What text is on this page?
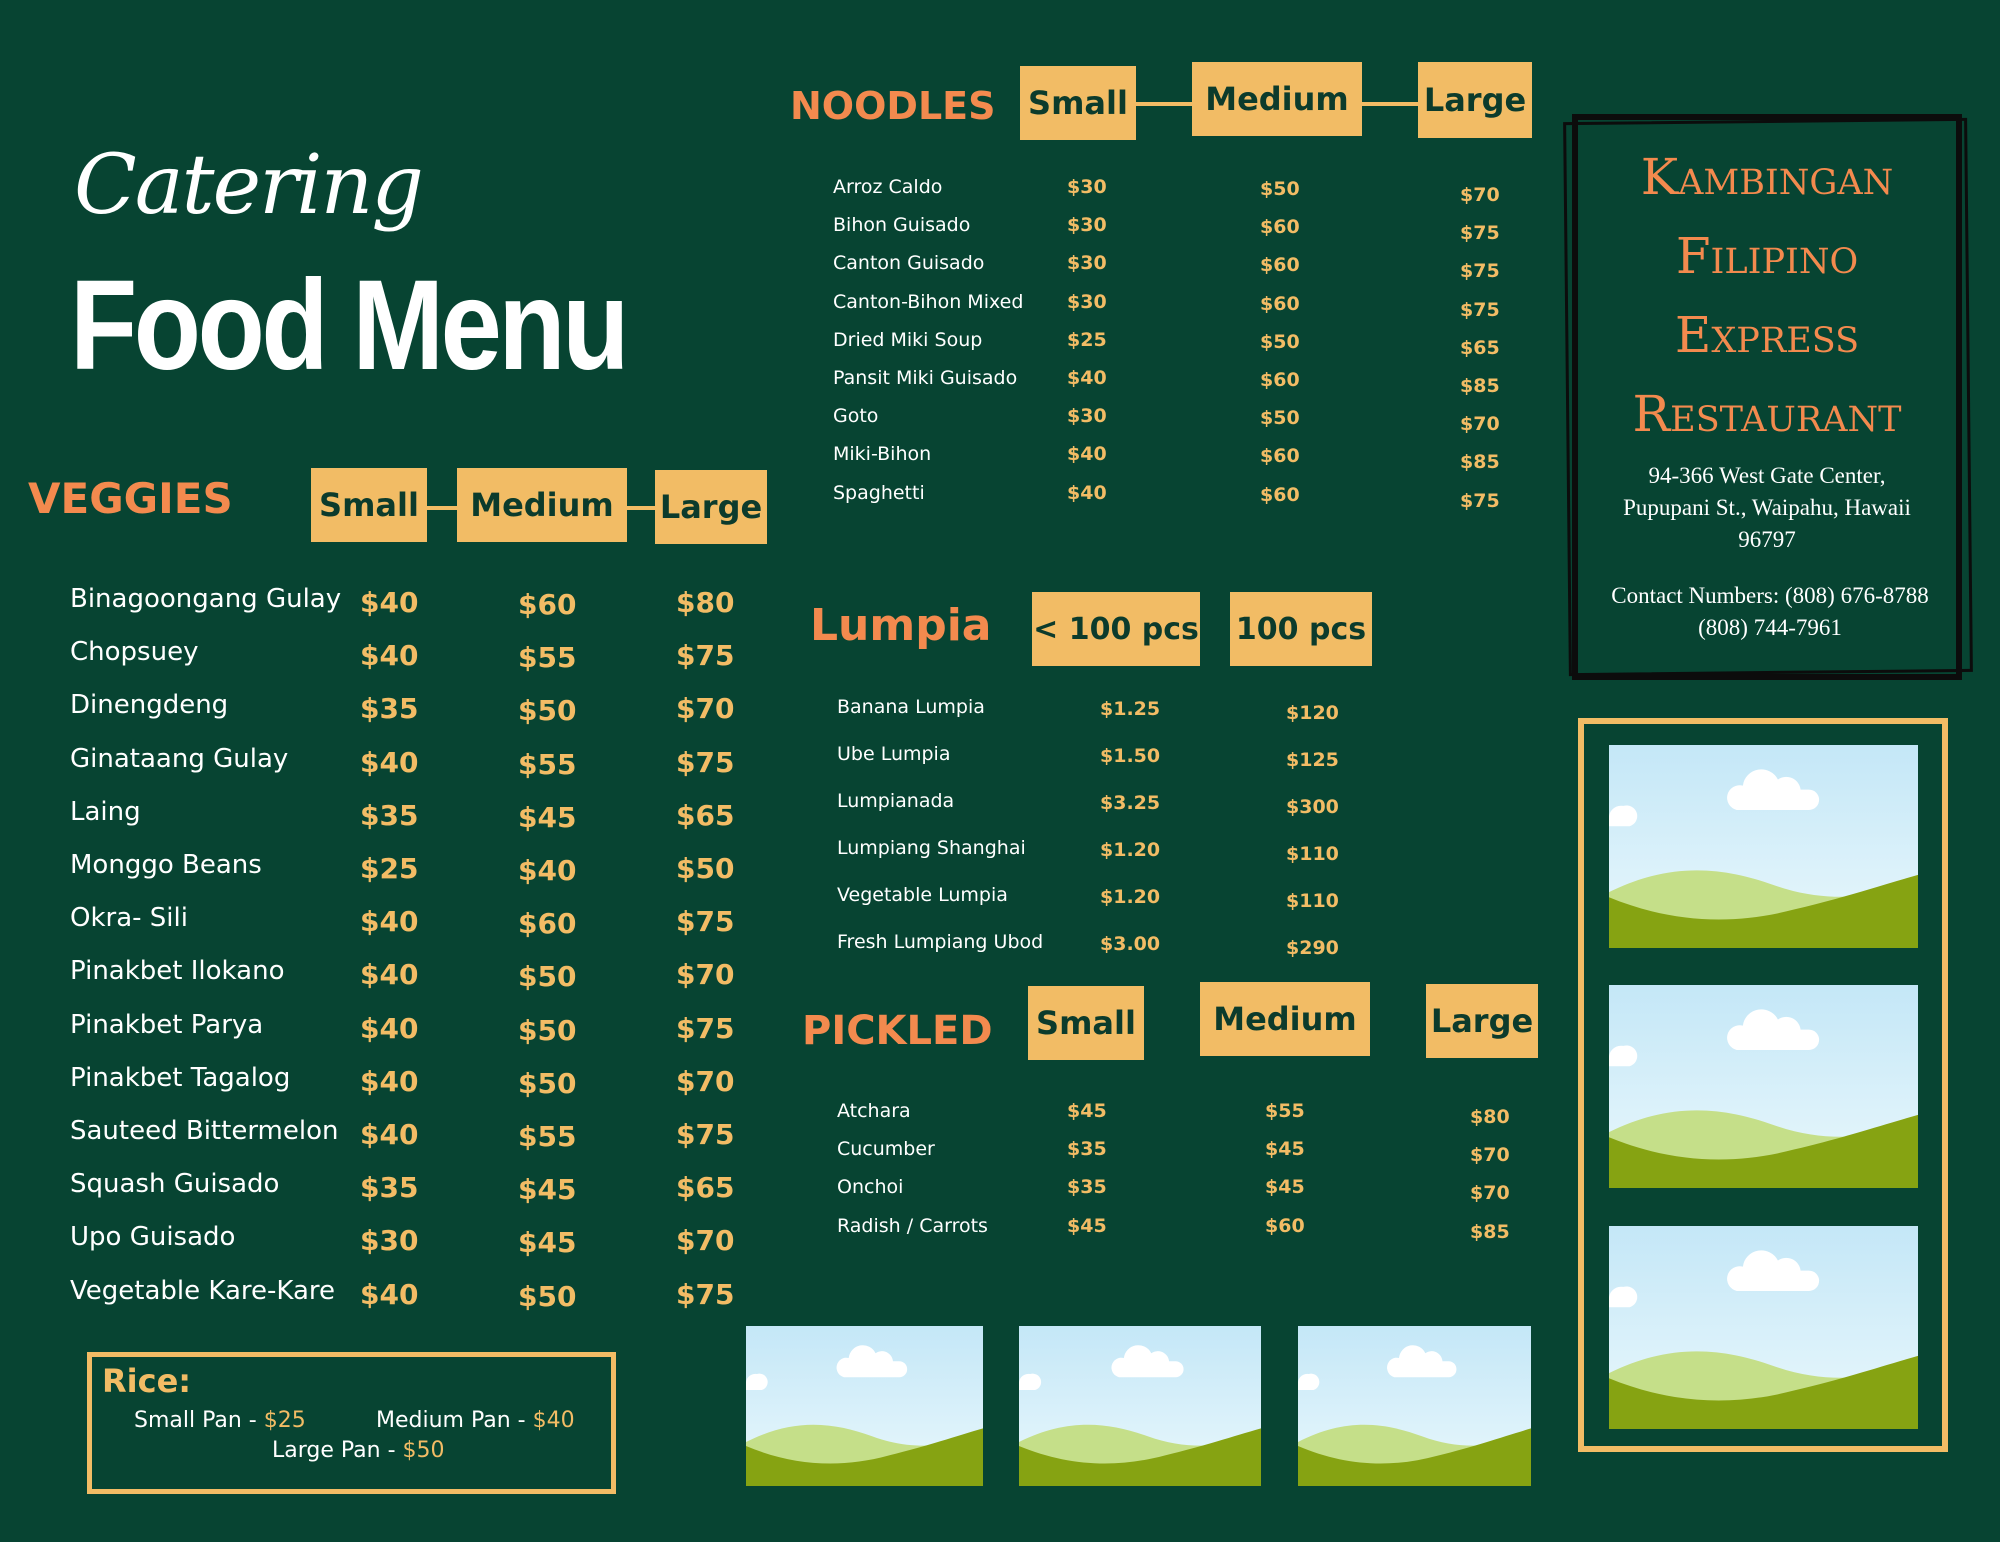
Catering
Food Menu
VEGGIES	Small	Medium	Large
Binagoongang Gulay $40	$60	$80
Chopsuey	$40	$55	$75
Dinengdeng	$35	$50	$70
Ginataang Gulay	$40	$55	$75
Laing	$35	$45	$65
Monggo Beans	$25	$40	$50
Okra- Sili	$40	$60	$75
Pinakbet Ilokano	$40	$50	$70
Pinakbet Parya	$40	$50	$75
Pinakbet Tagalog $40	$50	$70
Sauteed Bittermelon $40	$55	$75
Squash Guisado	$35	$45	$65
Upo Guisado	$30	$45	$70
Vegetable Kare-Kare $40	$50	$75
Rice:
Small Pan - $25	Medium Pan - $40
Large Pan - $50
NOODLES Small	Medium	Large
Arroz Caldo	$30	$50	$70
Bihon Guisado	$30	$60	$75
Canton Guisado	$30	$60	$75
Canton-Bihon Mixed $30	$60	$75
Dried Miki Soup	$25	$50	$65
Pansit Miki Guisado	$40	$60	$85
Goto	$30	$50	$70
Miki-Bihon	$40	$60	$85
Spaghetti	$40	$60	$75
Lumpia < 100 pcs 100 pcs
Banana Lumpia	$1.25	$120
Ube Lumpia	$1.50	$125
Lumpianada	$3.25	$300
Lumpiang Shanghai	$1.20	$110
Vegetable Lumpia	$1.20	$110
Fresh Lumpiang Ubod	$3.00	$290
PICKLED Small	Medium	Large
Atchara	$45	$55	$80
Cucumber	$35	$45	$70
Onchoi	$35	$45	$70
Radish / Carrots	$45	$60	$85
Kambingan
Filipino
Express
Restaurant
94-366 West Gate Center,
Pupupani St., Waipahu, Hawaii
96797
Contact Numbers: (808) 676-8788
(808) 744-7961
